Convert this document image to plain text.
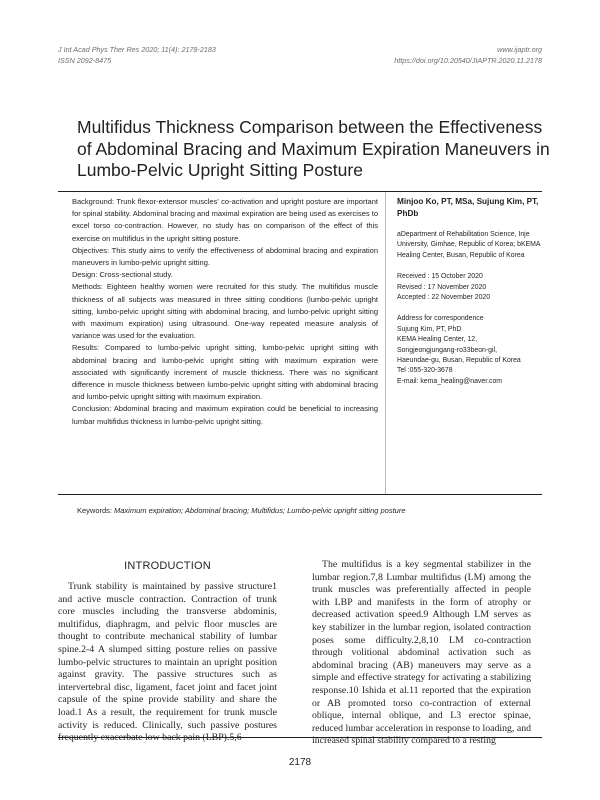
J Int Acad Phys Ther Res 2020; 11(4): 2178-2183
ISSN 2092-8475
www.ijaptr.org
https://doi.org/10.20540/JIAPTR.2020.11.2178
Multifidus Thickness Comparison between the Effectiveness of Abdominal Bracing and Maximum Expiration Maneuvers in Lumbo-Pelvic Upright Sitting Posture

Background: Trunk flexor-extensor muscles' co-activation and upright posture are important for spinal stability. Abdominal bracing and maximal expiration are being used as exercises to excel torso co-contraction. However, no study has on comparison of the effect of this exercise on multifidus in the upright sitting posture.

Objectives: This study aims to verify the effectiveness of abdominal bracing and expiration maneuvers in lumbo-pelvic upright sitting.

Design: Cross-sectional study.

Methods: Eighteen healthy women were recruited for this study. The multifidus muscle thickness of all subjects was measured in three sitting conditions (lumbo-pelvic upright sitting, lumbo-pelvic upright sitting with abdominal bracing, and lumbo-pelvic upright sitting with maximum expiration) using ultrasound. One-way repeated measure analysis of variance was used for the evaluation.

Results: Compared to lumbo-pelvic upright sitting, lumbo-pelvic upright sitting with abdominal bracing and lumbo-pelvic upright sitting with maximum expiration were associated with significantly increment of muscle thickness. There was no significant difference in muscle thickness between lumbo-pelvic upright sitting with abdominal bracing and lumbo-pelvic upright sitting with maximum expiration.

Conclusion: Abdominal bracing and maximum expiration could be beneficial to increasing lumbar multifidus thickness in lumbo-pelvic upright sitting.

Minjoo Ko, PT, MSa, Sujung Kim, PT, PhDb

aDepartment of Rehabilitation Science, Inje University, Gimhae, Republic of Korea; bKEMA Healing Center, Busan, Republic of Korea

Received : 15 October 2020

Revised : 17 November 2020

Accepted : 22 November 2020

Address for correspondence

Sujung Kim, PT, PhD

KEMA Healing Center, 12,

Songjeongjungang-ro33beon-gil,

Haeundae-gu, Busan, Republic of Korea

Tel :055-320-3678

E-mail: kema_healing@naver.com

Keywords: Maximum expiration; Abdominal bracing; Multifidus; Lumbo-pelvic upright sitting posture
INTRODUCTION

Trunk stability is maintained by passive structure1 and active muscle contraction. Contraction of trunk core muscles including the transverse abdominis, multifidus, diaphragm, and pelvic floor muscles are thought to contribute mechanical stability of lumbar spine.2-4 A slumped sitting posture relies on passive lumbo-pelvic structures to maintain an upright position against gravity. The passive structures such as intervertebral disc, ligament, facet joint and facet joint capsule of the spine provide stability and share the load.1 As a result, the requirement for trunk muscle activity is reduced. Clinically, such passive postures frequently exacerbate low back pain (LBP).5,6

The multifidus is a key segmental stabilizer in the lumbar region.7,8 Lumbar multifidus (LM) among the trunk muscles was preferentially affected in people with LBP and manifests in the form of atrophy or decreased activation speed.9 Although LM serves as key stabilizer in the lumbar region, isolated contraction poses some difficulty.2,8,10 LM co-contraction through volitional abdominal activation such as abdominal bracing (AB) maneuvers may serve as a simple and effective strategy for activating a stabilizing response.10 Ishida et al.11 reported that the expiration or AB promoted torso co-contraction of external oblique, internal oblique, and L3 erector spinae, reduced lumbar acceleration in response to loading, and increased spinal stability compared to a resting

2178
